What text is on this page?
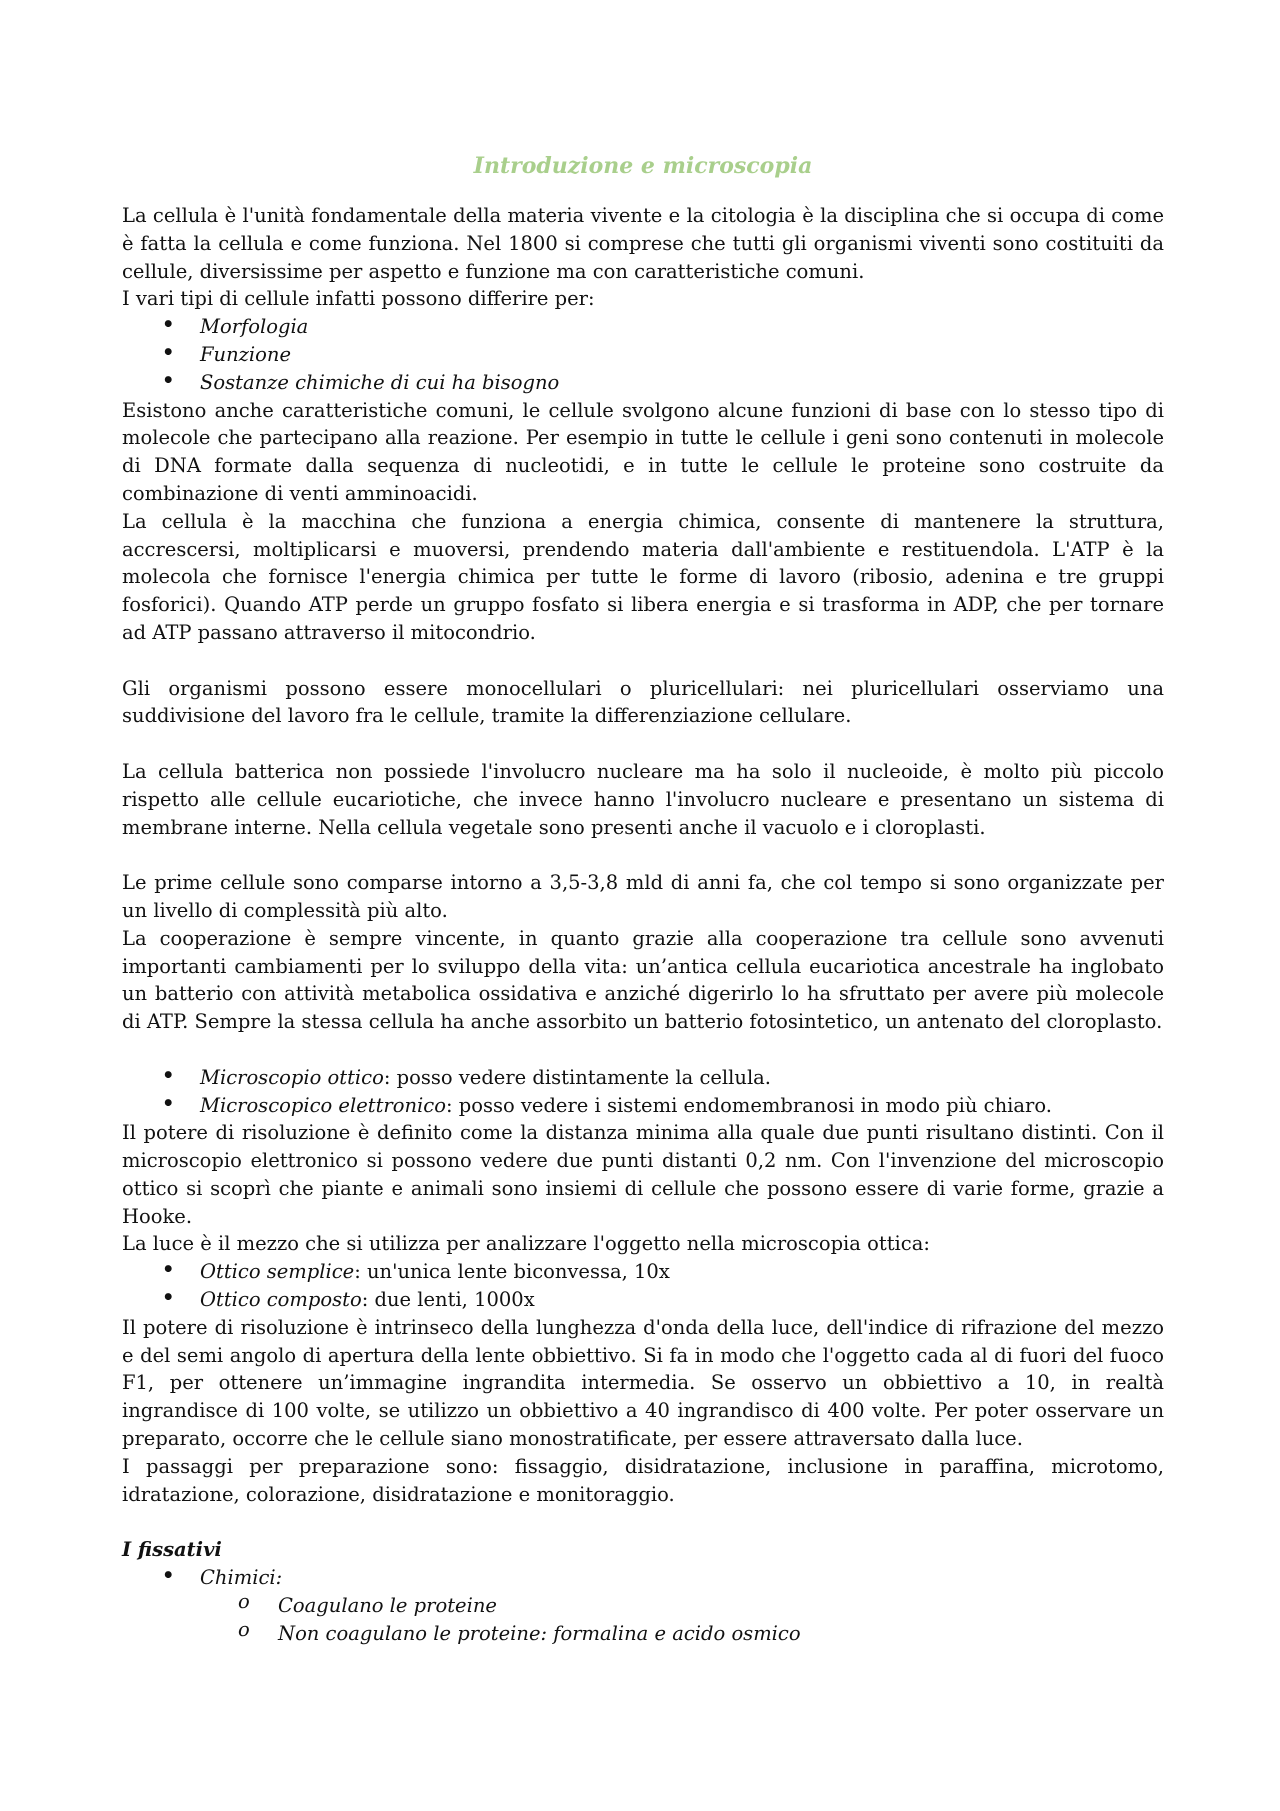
Introduzione e microscopia

La cellula è l'unità fondamentale della materia vivente e la citologia è la disciplina che si occupa di come è fatta la cellula e come funziona. Nel 1800 si comprese che tutti gli organismi viventi sono costituiti da cellule, diversissime per aspetto e funzione ma con caratteristiche comuni.

I vari tipi di cellule infatti possono differire per:

• Morfologia
• Funzione
• Sostanze chimiche di cui ha bisogno

Esistono anche caratteristiche comuni, le cellule svolgono alcune funzioni di base con lo stesso tipo di molecole che partecipano alla reazione. Per esempio in tutte le cellule i geni sono contenuti in molecole di DNA formate dalla sequenza di nucleotidi, e in tutte le cellule le proteine sono costruite da combinazione di venti amminoacidi.

La cellula è la macchina che funziona a energia chimica, consente di mantenere la struttura, accrescersi, moltiplicarsi e muoversi, prendendo materia dall'ambiente e restituendola. L'ATP è la molecola che fornisce l'energia chimica per tutte le forme di lavoro (ribosio, adenina e tre gruppi fosforici). Quando ATP perde un gruppo fosfato si libera energia e si trasforma in ADP, che per tornare ad ATP passano attraverso il mitocondrio.

Gli organismi possono essere monocellulari o pluricellulari: nei pluricellulari osserviamo una suddivisione del lavoro fra le cellule, tramite la differenziazione cellulare.

La cellula batterica non possiede l'involucro nucleare ma ha solo il nucleoide, è molto più piccolo rispetto alle cellule eucariotiche, che invece hanno l'involucro nucleare e presentano un sistema di membrane interne. Nella cellula vegetale sono presenti anche il vacuolo e i cloroplasti.

Le prime cellule sono comparse intorno a 3,5-3,8 mld di anni fa, che col tempo si sono organizzate per un livello di complessità più alto.

La cooperazione è sempre vincente, in quanto grazie alla cooperazione tra cellule sono avvenuti importanti cambiamenti per lo sviluppo della vita: un’antica cellula eucariotica ancestrale ha inglobato un batterio con attività metabolica ossidativa e anziché digerirlo lo ha sfruttato per avere più molecole di ATP. Sempre la stessa cellula ha anche assorbito un batterio fotosintetico, un antenato del cloroplasto.

• Microscopio ottico: posso vedere distintamente la cellula.
• Microscopico elettronico: posso vedere i sistemi endomembranosi in modo più chiaro.

Il potere di risoluzione è definito come la distanza minima alla quale due punti risultano distinti. Con il microscopio elettronico si possono vedere due punti distanti 0,2 nm. Con l'invenzione del microscopio ottico si scoprì che piante e animali sono insiemi di cellule che possono essere di varie forme, grazie a Hooke.

La luce è il mezzo che si utilizza per analizzare l'oggetto nella microscopia ottica:

• Ottico semplice: un'unica lente biconvessa, 10x
• Ottico composto: due lenti, 1000x

Il potere di risoluzione è intrinseco della lunghezza d'onda della luce, dell'indice di rifrazione del mezzo e del semi angolo di apertura della lente obbiettivo. Si fa in modo che l'oggetto cada al di fuori del fuoco F1, per ottenere un’immagine ingrandita intermedia. Se osservo un obbiettivo a 10, in realtà ingrandisce di 100 volte, se utilizzo un obbiettivo a 40 ingrandisco di 400 volte. Per poter osservare un preparato, occorre che le cellule siano monostratificate, per essere attraversato dalla luce.

I passaggi per preparazione sono: fissaggio, disidratazione, inclusione in paraffina, microtomo, idratazione, colorazione, disidratazione e monitoraggio.

I fissativi

• Chimici:
o Coagulano le proteine
o Non coagulano le proteine: formalina e acido osmico
